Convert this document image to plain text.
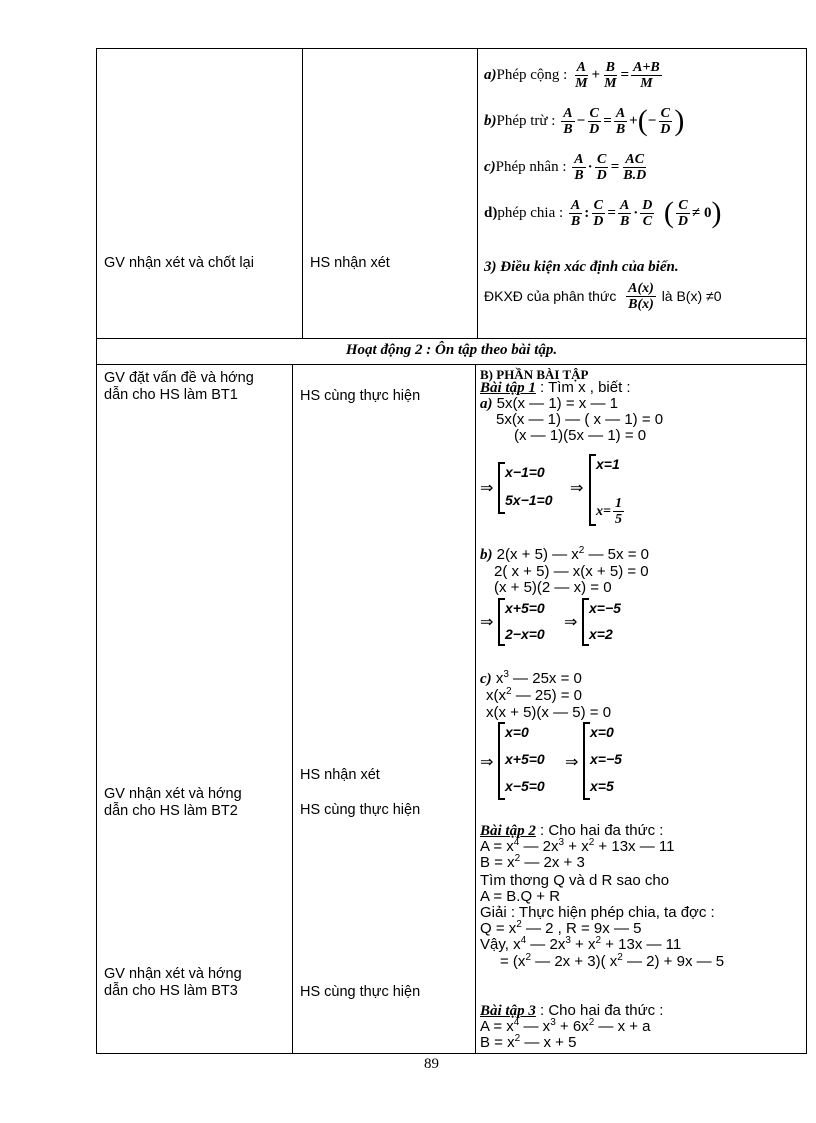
GV nhận xét và chốt lại	HS nhận xét
a) Phép cộng :
$\frac{A}{M} + \frac{B}{M} = \frac{A+B}{M}$
b) Phép trừ :
$\frac{A}{B} - \frac{C}{D} = \frac{A}{B}$ + ( − $\frac{C}{D}$ )
c) Phép nhân :
$\frac{A}{B} \cdot \frac{C}{D} = \frac{AC}{B.D}$
d) phép chia :
$\frac{A}{B}$ : $\frac{C}{D} = \frac{A}{B} \cdot \frac{D}{C}$
( $\frac{C}{D} \ne 0$ )
3) Điều kiện xác định của biến.
ĐKXĐ của phân thức
$\frac{A(x)}{B(x)}$
là B(x)
≠0
Hoạt động 2 : Ôn tập theo bài tập.
GV đặt vấn đề và hớng
dẫn cho HS làm BT1
GV nhận xét và hớng
dẫn cho HS làm BT2
GV nhận xét và hớng
dẫn cho HS làm BT3
HS cùng thực hiện
HS nhận xét
HS cùng thực hiện
HS cùng thực hiện
B) PHẦN BÀI TẬP
Bài tập 1 : Tìm x , biết :
a) 5x(x — 1) = x — 1
5x(x — 1) — ( x — 1) = 0
(x — 1)(5x — 1) = 0
⇒
x−1=0
5x−1=0
⇒
x=1
$x= \frac{1}{5}$
b) 2(x + 5) — $x^2$ — 5x = 0
2( x + 5) — x(x + 5) = 0
(x + 5)(2 — x) = 0
⇒
x+5=0
2−x=0
⇒
x=−5
x=2
c) $x^3$ — 25x = 0
$x(x^2$ — 25) = 0
x(x + 5)(x — 5) = 0
⇒
x=0
x+5=0
x−5=0
⇒
x=0
x=−5
x=5
Bài tập 2 : Cho hai đa thức :
$A = x^4$ — $2x^3 + x^2 + 13x$ — 11
$B = x^2$ — 2x + 3
Tìm thơng Q và d R sao cho
A = B.Q + R
Giải : Thực hiện phép chia, ta đợc :
$Q = x^2$ — 2 , R = 9x — 5
Vậy, $x^4$ — $2x^3 + x^2 + 13x$ — 11
= ($x^2$ — 2x + 3)( $x^2$ — 2) + 9x — 5
Bài tập 3 : Cho hai đa thức :
$A = x^4$ — $x^3 + 6x^2$ — x + a
$B = x^2$ — x + 5
89
